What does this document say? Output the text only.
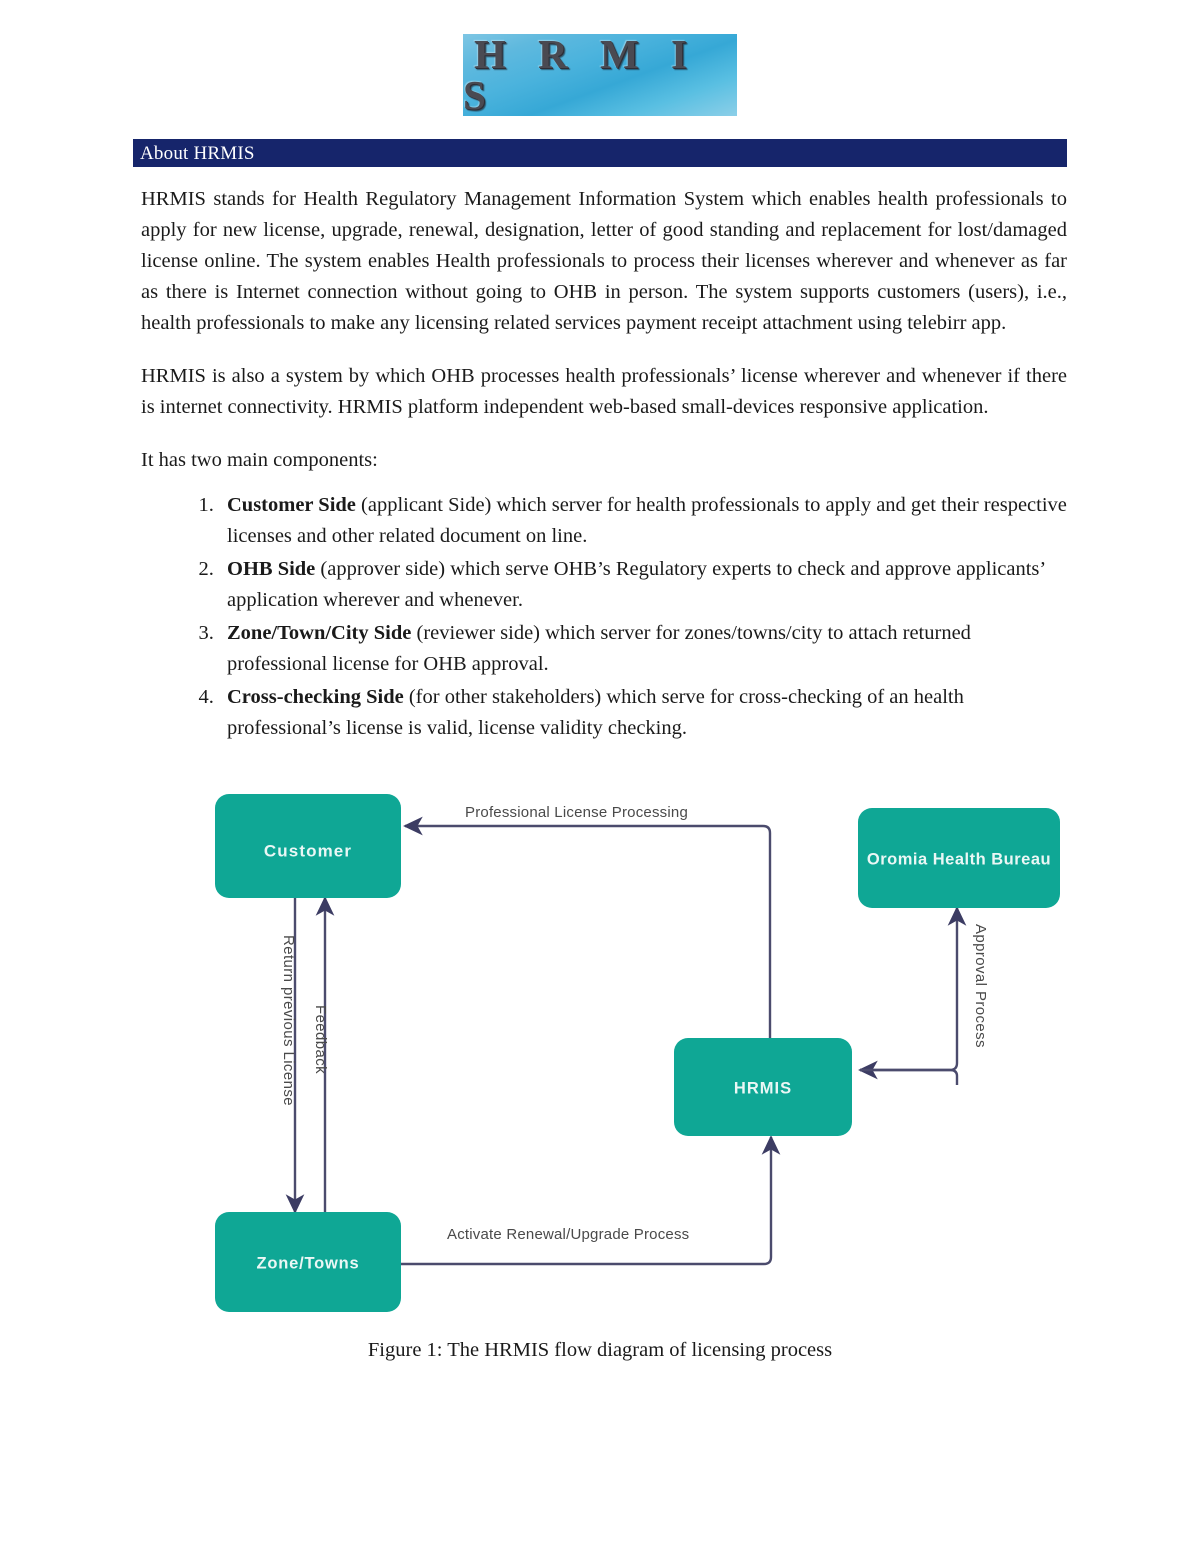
H R M I S
About HRMIS

HRMIS stands for Health Regulatory Management Information System which enables health professionals to apply for new license, upgrade, renewal, designation, letter of good standing and replacement for lost/damaged license online. The system enables Health professionals to process their licenses wherever and whenever as far as there is Internet connection without going to OHB in person. The system supports customers (users), i.e., health professionals to make any licensing related services payment receipt attachment using telebirr app.

HRMIS is also a system by which OHB processes health professionals’ license wherever and whenever if there is internet connectivity. HRMIS platform independent web-based small-devices responsive application.

It has two main components:

1. Customer Side (applicant Side) which server for health professionals to apply and get their respective licenses and other related document on line.
2. OHB Side (approver side) which serve OHB’s Regulatory experts to check and approve applicants’ application wherever and whenever.
3. Zone/Town/City Side (reviewer side) which server for zones/towns/city to attach returned professional license for OHB approval.
4. Cross-checking Side (for other stakeholders) which serve for cross-checking of an health professional’s license is valid, license validity checking.
Customer	Oromia Health Bureau
HRMIS
Zone/Towns
Professional License Processing
Return previous License Feedback	Approval Process
Activate Renewal/Upgrade Process
Figure 1: The HRMIS flow diagram of licensing process
